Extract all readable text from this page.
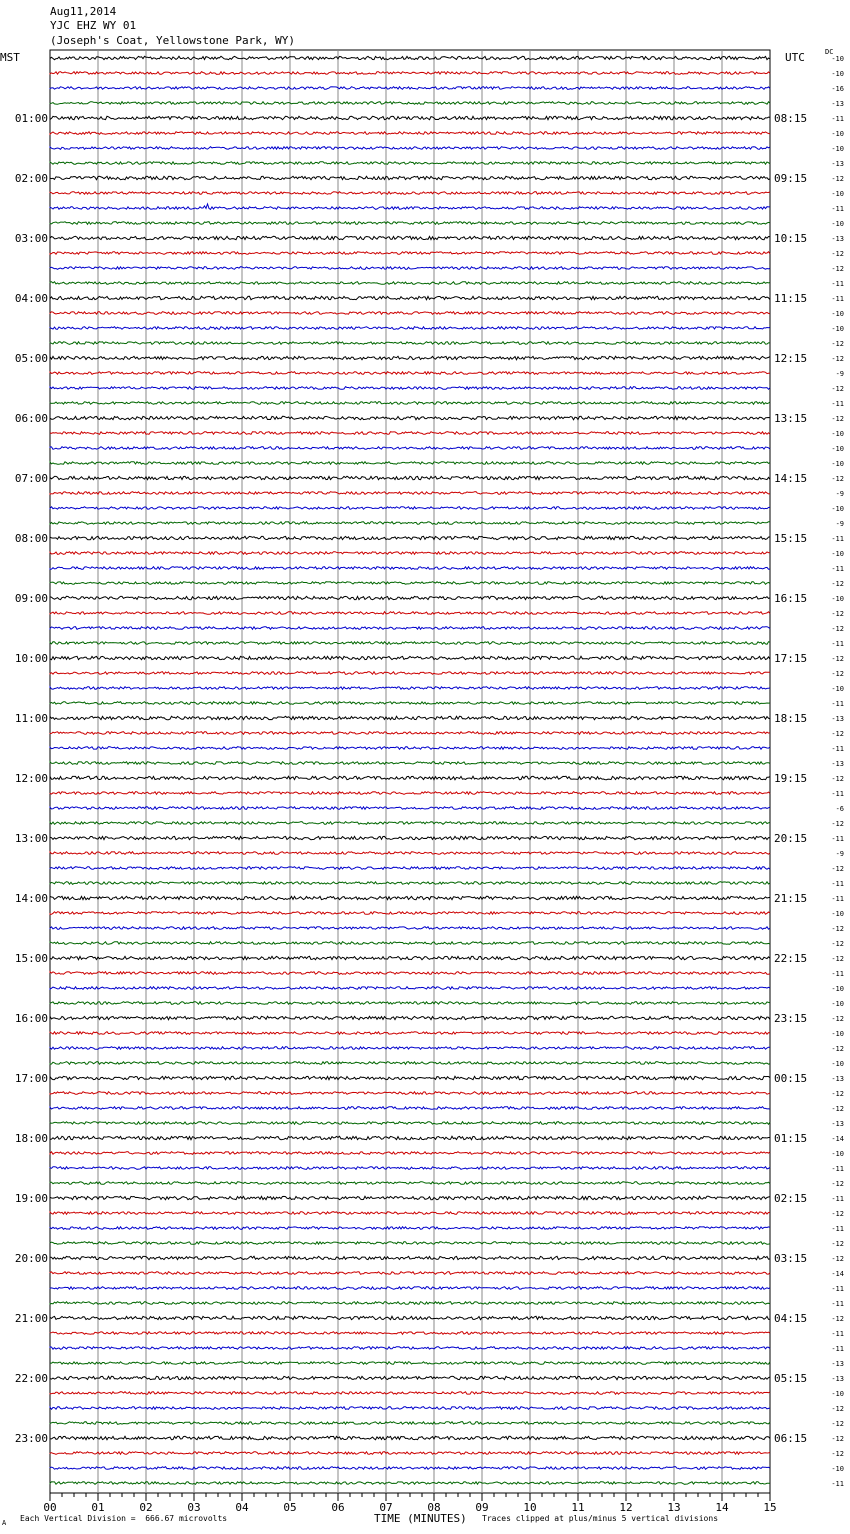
Aug11,2014
YJC EHZ WY 01
(Joseph's Coat, Yellowstone Park, WY)
MST	UTC	DC
00	01	02	03	04	05	06	07	08	09	10	11	12	13	14	15
-10
-10
-16
-13
-11
-10
-10
-13
-12
-10
-11
-10
-13
-12
-12
-11
-11
-10
-10
-12
-12
-9
-12
-11
-12
-10
-10
-10
-12
-9
-10
-9
-11
-10
-11
-12
-10
-12
-12
-11
-12
-12
-10
-11
-13
-12
-11
-13
-12
-11
-6
-12
-11
-9
-12
-11
-11
-10
-12
-12
-12
-11
-10
-10
-12
-10
-12
-10
-13
-12
-12
-13
-14
-10
-11
-12
-11
-12
-11
-12
-12
-14
-11
-11
-12
-11
-11
-13
-13
-10
-12
-12
-12
-12
-10
-11
01:00	08:15
02:00	09:15
03:00	10:15
04:00	11:15
05:00	12:15
06:00	13:15
07:00	14:15
08:00	15:15
09:00	16:15
10:00	17:15
11:00	18:15
12:00	19:15
13:00	20:15
14:00	21:15
15:00	22:15
16:00	23:15
17:00	00:15
18:00	01:15
19:00	02:15
20:00	03:15
21:00	04:15
22:00	05:15
23:00	06:15
A Each Vertical Division =  666.67 microvolts	TIME (MINUTES) Traces clipped at plus/minus 5 vertical divisions
